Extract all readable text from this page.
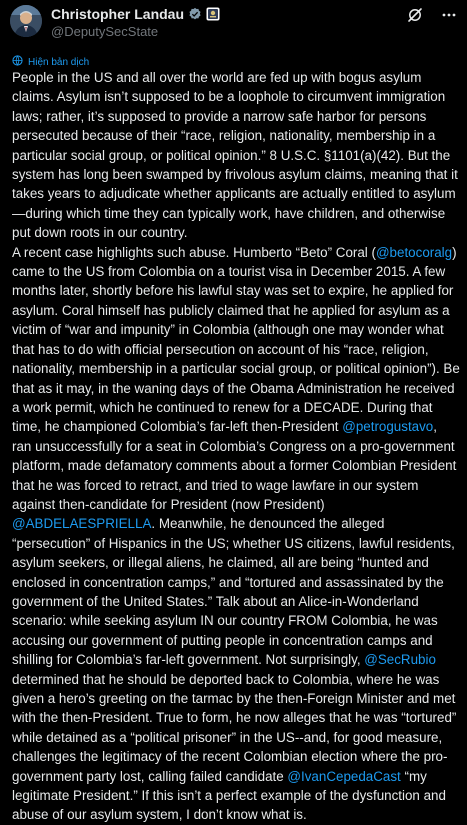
Christopher Landau
@DeputySecState
Hiện bản dịch

People in the US and all over the world are fed up with bogus asylum claims. Asylum isn’t supposed to be a loophole to circumvent immigration laws; rather, it’s supposed to provide a narrow safe harbor for persons persecuted because of their “race, religion, nationality, membership in a particular social group, or political opinion.” 8 U.S.C. §1101(a)(42). But the system has long been swamped by frivolous asylum claims, meaning that it takes years to adjudicate whether applicants are actually entitled to asylum—during which time they can typically work, have children, and otherwise put down roots in our country.

A recent case highlights such abuse. Humberto “Beto” Coral (@betocoralg) came to the US from Colombia on a tourist visa in December 2015. A few months later, shortly before his lawful stay was set to expire, he applied for asylum. Coral himself has publicly claimed that he applied for asylum as a victim of “war and impunity” in Colombia (although one may wonder what that has to do with official persecution on account of his “race, religion, nationality, membership in a particular social group, or political opinion”). Be that as it may, in the waning days of the Obama Administration he received a work permit, which he continued to renew for a DECADE. During that time, he championed Colombia’s far-left then-President @petrogustavo, ran unsuccessfully for a seat in Colombia’s Congress on a pro-government platform, made defamatory comments about a former Colombian President that he was forced to retract, and tried to wage lawfare in our system against then-candidate for President (now President) @ABDELAESPRIELLA. Meanwhile, he denounced the alleged “persecution” of Hispanics in the US; whether US citizens, lawful residents, asylum seekers, or illegal aliens, he claimed, all are being “hunted and enclosed in concentration camps,” and “tortured and assassinated by the government of the United States.” Talk about an Alice-in-Wonderland scenario: while seeking asylum IN our country FROM Colombia, he was accusing our government of putting people in concentration camps and shilling for Colombia’s far-left government. Not surprisingly, @SecRubio determined that he should be deported back to Colombia, where he was given a hero’s greeting on the tarmac by the then-Foreign Minister and met with the then-President. True to form, he now alleges that he was “tortured” while detained as a “political prisoner” in the US--and, for good measure, challenges the legitimacy of the recent Colombian election where the pro-government party lost, calling failed candidate @IvanCepedaCast “my legitimate President.” If this isn’t a perfect example of the dysfunction and abuse of our asylum system, I don’t know what is.
